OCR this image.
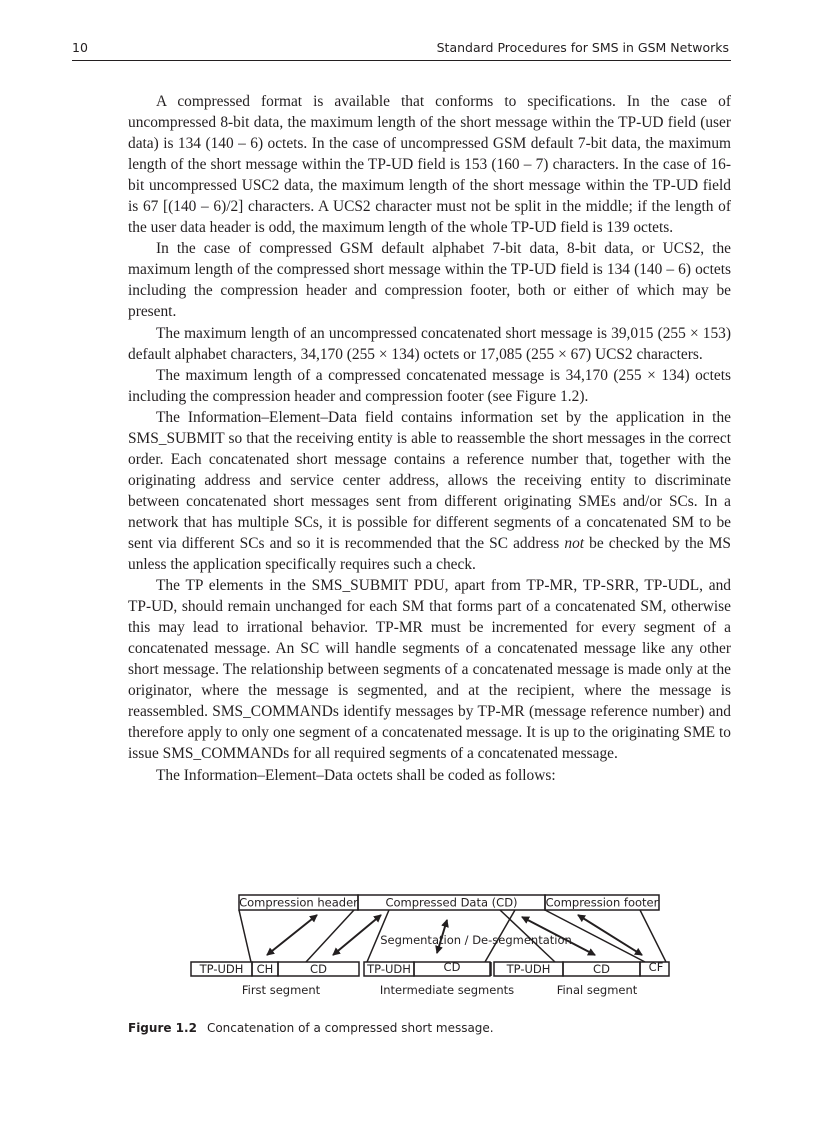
10	Standard Procedures for SMS in GSM Networks

A compressed format is available that conforms to specifications. In the case of uncompressed 8-bit data, the maximum length of the short message within the TP-UD field (user data) is 134 (140 – 6) octets. In the case of uncompressed GSM default 7-bit data, the maximum length of the short message within the TP-UD field is 153 (160 – 7) characters. In the case of 16-bit uncompressed USC2 data, the maximum length of the short message within the TP-UD field is 67 [(140 – 6)/2] characters. A UCS2 character must not be split in the middle; if the length of the user data header is odd, the maximum length of the whole TP-UD field is 139 octets.

In the case of compressed GSM default alphabet 7-bit data, 8-bit data, or UCS2, the maximum length of the compressed short message within the TP-UD field is 134 (140 – 6) octets including the compression header and compression footer, both or either of which may be present.

The maximum length of an uncompressed concatenated short message is 39,015 (255 × 153) default alphabet characters, 34,170 (255 × 134) octets or 17,085 (255 × 67) UCS2 characters.

The maximum length of a compressed concatenated message is 34,170 (255 × 134) octets including the compression header and compression footer (see Figure 1.2).

The Information–Element–Data field contains information set by the application in the SMS_SUBMIT so that the receiving entity is able to reassemble the short messages in the correct order. Each concatenated short message contains a reference number that, together with the originating address and service center address, allows the receiving entity to discriminate between concatenated short messages sent from different originating SMEs and/or SCs. In a network that has multiple SCs, it is possible for different segments of a concatenated SM to be sent via different SCs and so it is recommended that the SC address not be checked by the MS unless the application specifically requires such a check.

The TP elements in the SMS_SUBMIT PDU, apart from TP-MR, TP-SRR, TP-UDL, and TP-UD, should remain unchanged for each SM that forms part of a concatenated SM, otherwise this may lead to irrational behavior. TP-MR must be incremented for every segment of a concatenated message. An SC will handle segments of a concatenated message like any other short message. The relationship between segments of a concatenated message is made only at the originator, where the message is segmented, and at the recipient, where the message is reassembled. SMS_COMMANDs identify messages by TP-MR (message reference number) and therefore apply to only one segment of a concatenated message. It is up to the originating SME to issue SMS_COMMANDs for all required segments of a concatenated message.

The Information–Element–Data octets shall be coded as follows:

Compression header Compressed Data (CD) Compression footer
Segmentation / De-segmentation
TP-UDH CH	CD	TP-UDH	CD	TP-UDH	CD	CF
First segment	Intermediate segments	Final segment
Figure 1.2 Concatenation of a compressed short message.
